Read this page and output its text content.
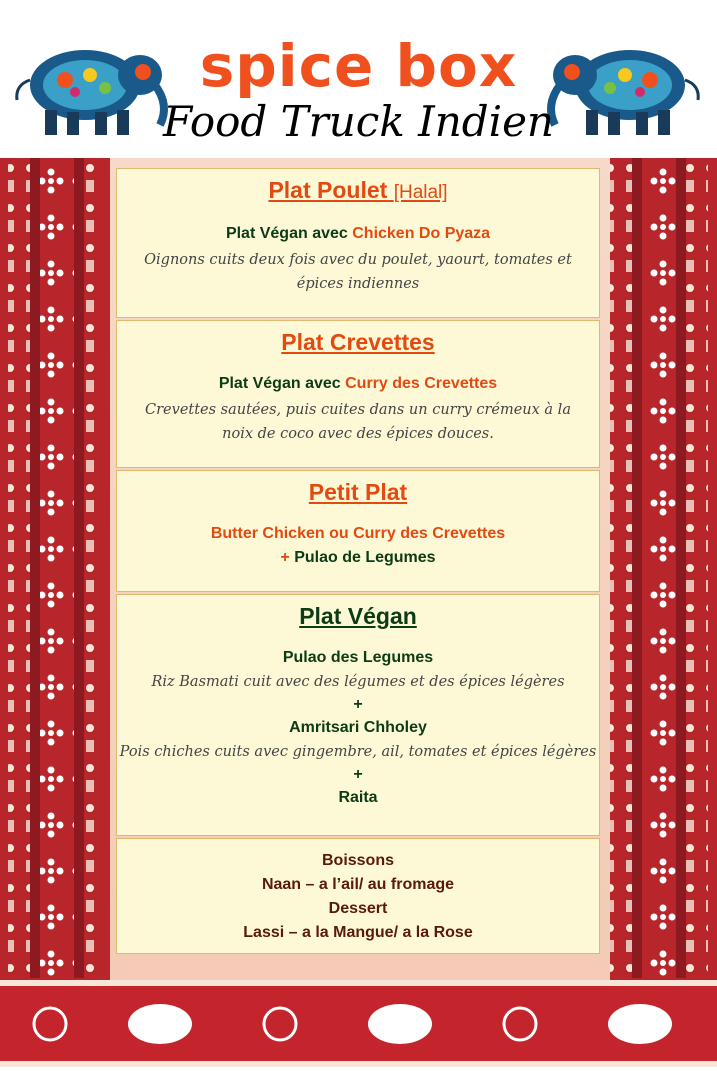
spice box
Food Truck Indien
Plat Poulet [Halal]
Plat Végan avec Chicken Do Pyaza
Oignons cuits deux fois avec du poulet, yaourt, tomates et épices indiennes
Plat Crevettes
Plat Végan avec Curry des Crevettes
Crevettes sautées, puis cuites dans un curry crémeux à la noix de coco avec des épices douces.
Petit Plat
Butter Chicken ou Curry des Crevettes
+ Pulao de Legumes
Plat Végan
Pulao des Legumes
Riz Basmati cuit avec des légumes et des épices légères
+
Amritsari Chholey
Pois chiches cuits avec gingembre, ail, tomates et épices légères
+
Raita
Boissons
Naan – a l’ail/ au fromage
Dessert
Lassi – a la Mangue/ a la Rose
